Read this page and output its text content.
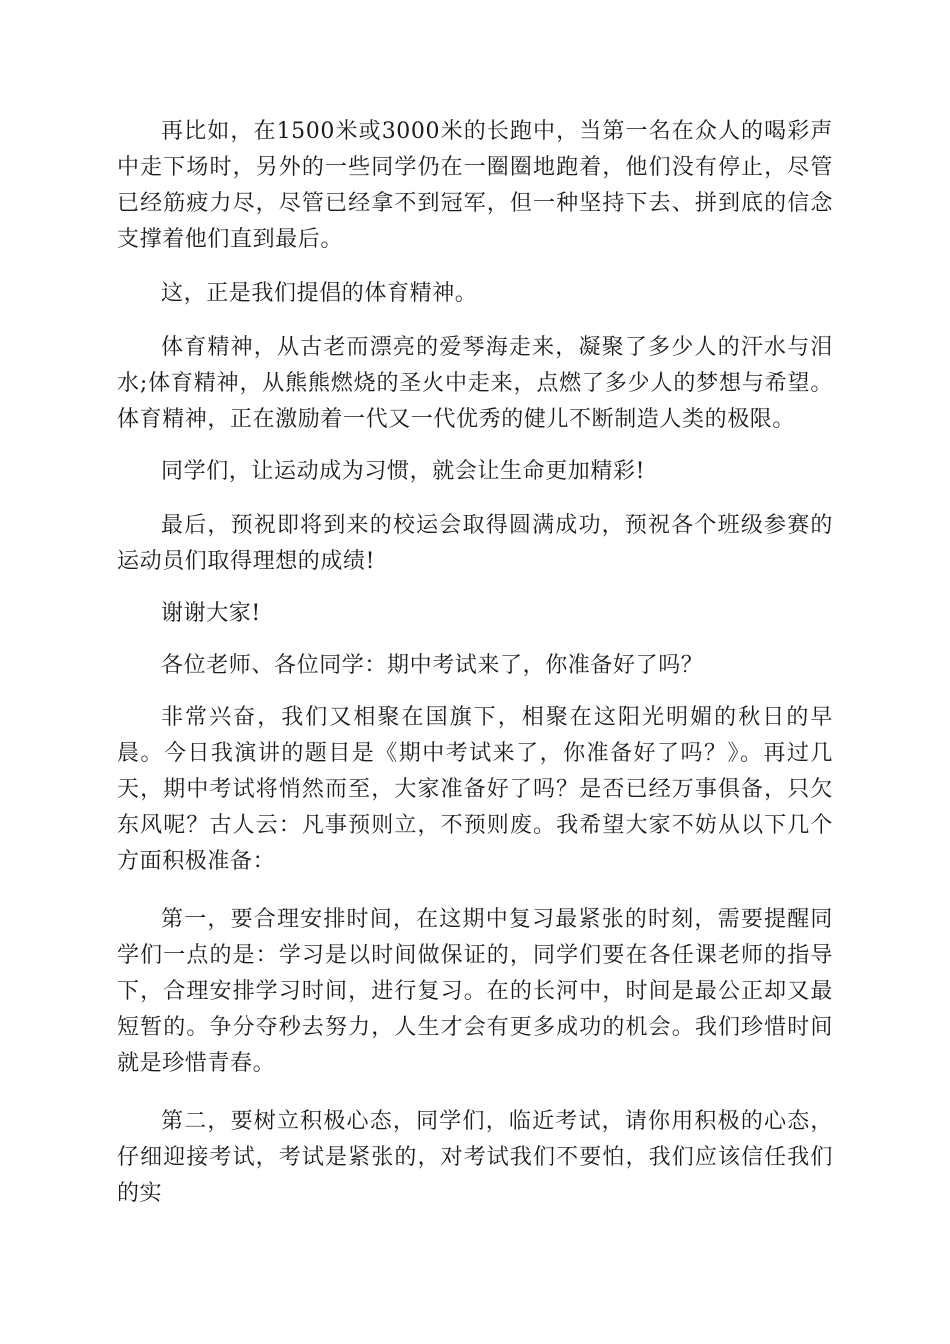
再比如，在1500米或3000米的长跑中，当第一名在众人的喝彩声中走下场时，另外的一些同学仍在一圈圈地跑着，他们没有停止，尽管已经筋疲力尽，尽管已经拿不到冠军，但一种坚持下去、拼到底的信念支撑着他们直到最后。

这，正是我们提倡的体育精神。

体育精神，从古老而漂亮的爱琴海走来，凝聚了多少人的汗水与泪水;体育精神，从熊熊燃烧的圣火中走来，点燃了多少人的梦想与希望。体育精神，正在激励着一代又一代优秀的健儿不断制造人类的极限。

同学们，让运动成为习惯，就会让生命更加精彩!

最后，预祝即将到来的校运会取得圆满成功，预祝各个班级参赛的运动员们取得理想的成绩!

谢谢大家!

各位老师、各位同学：期中考试来了，你准备好了吗？

非常兴奋，我们又相聚在国旗下，相聚在这阳光明媚的秋日的早晨。今日我演讲的题目是《期中考试来了，你准备好了吗？》。再过几天，期中考试将悄然而至，大家准备好了吗？是否已经万事俱备，只欠东风呢？古人云：凡事预则立，不预则废。我希望大家不妨从以下几个方面积极准备：

第一，要合理安排时间，在这期中复习最紧张的时刻，需要提醒同学们一点的是：学习是以时间做保证的，同学们要在各任课老师的指导下，合理安排学习时间，进行复习。在的长河中，时间是最公正却又最短暂的。争分夺秒去努力，人生才会有更多成功的机会。我们珍惜时间就是珍惜青春。

第二，要树立积极心态，同学们，临近考试，请你用积极的心态，仔细迎接考试，考试是紧张的，对考试我们不要怕，我们应该信任我们的实
